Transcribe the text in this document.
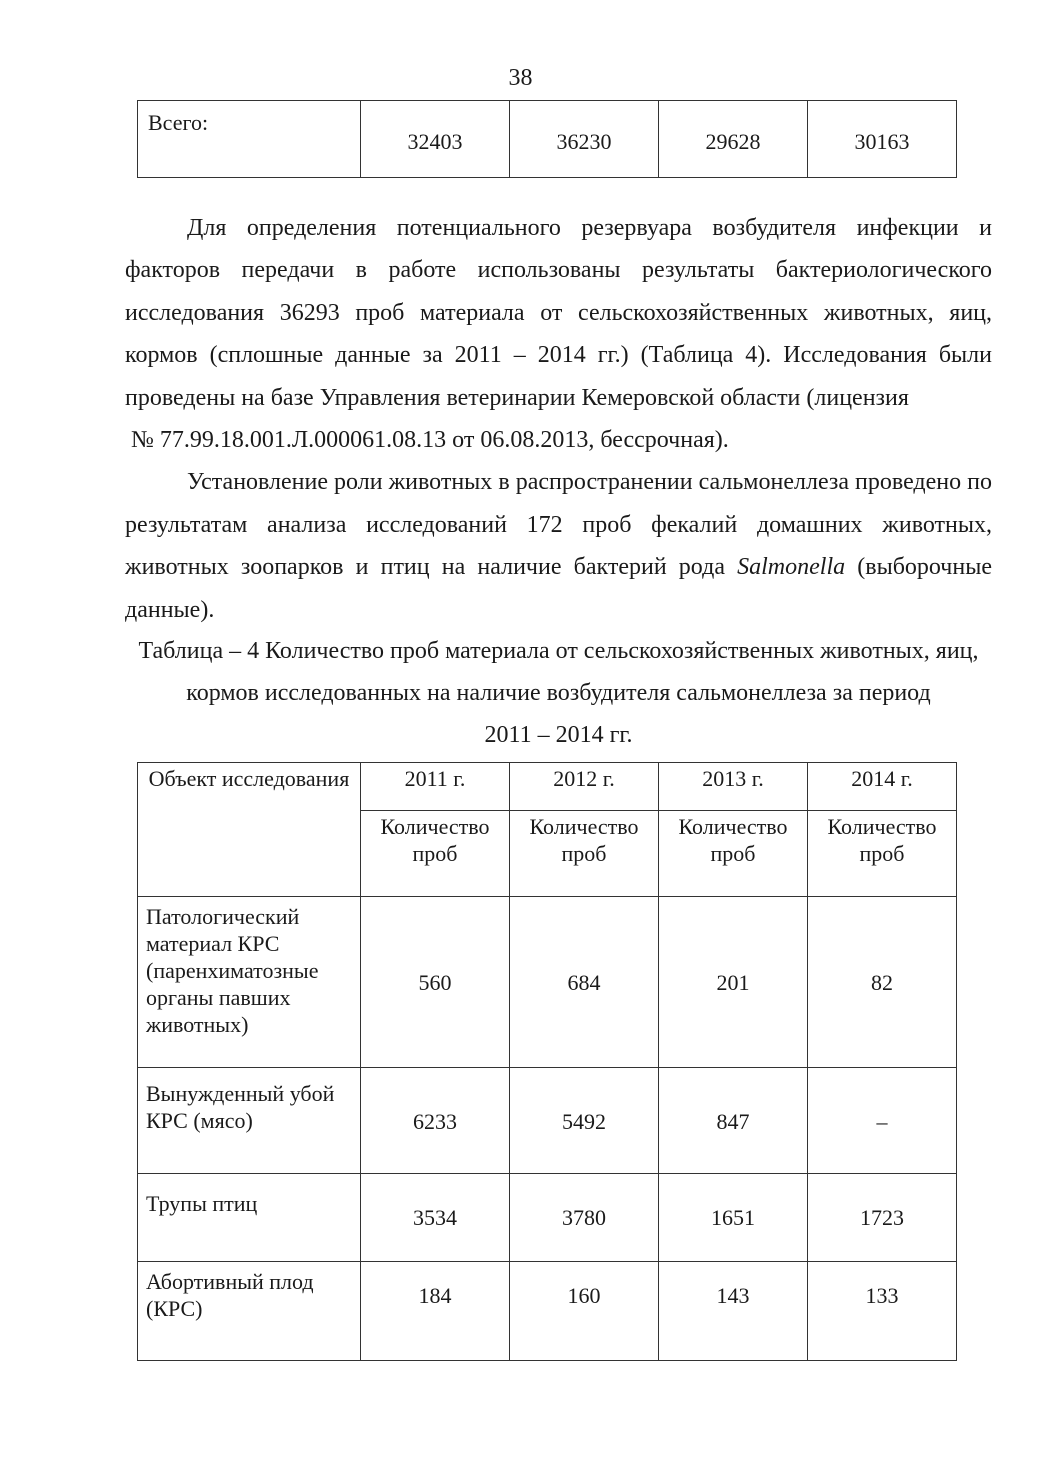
38
Всего:	32403	36230	29628	30163

Для определения потенциального резервуара возбудителя инфекции и факторов передачи в работе использованы результаты бактериологического исследования 36293 проб материала от сельскохозяйственных животных, яиц, кормов (сплошные данные за 2011 – 2014 гг.) (Таблица 4). Исследования были проведены на базе Управления ветеринарии Кемеровской области (лицензия
№ 77.99.18.001.Л.000061.08.13 от 06.08.2013, бессрочная).

Установление роли животных в распространении сальмонеллеза проведено по результатам анализа исследований 172 проб фекалий домашних животных, животных зоопарков и птиц на наличие бактерий рода Salmonella (выборочные данные).

Таблица – 4 Количество проб материала от сельскохозяйственных животных, яиц,
кормов исследованных на наличие возбудителя сальмонеллеза за период
2011 – 2014 гг.
Объект исследования	2011 г.	2012 г.	2013 г.	2014 г.
	Количество проб	Количество проб	Количество проб	Количество проб
Патологический материал КРС (паренхиматозные органы павших животных)	560	684	201	82
Вынужденный убой КРС (мясо)	6233	5492	847	–
Трупы птиц	3534	3780	1651	1723
Абортивный плод (КРС)	184	160	143	133
